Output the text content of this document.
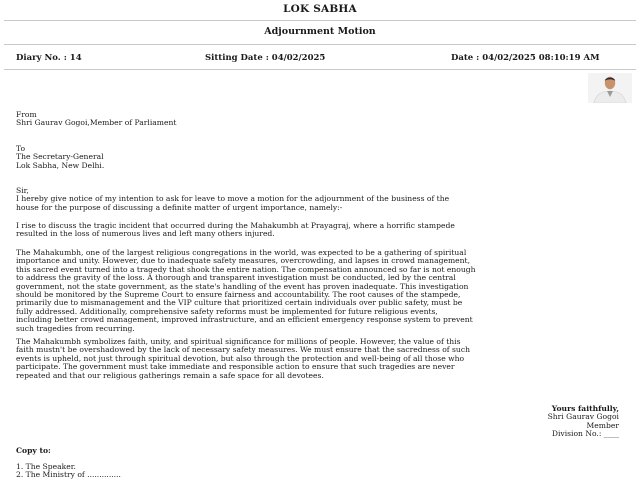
LOK SABHA
Adjournment Motion
Diary No. : 14	Sitting Date : 04/02/2025	Date : 04/02/2025 08:10:19 AM
From
Shri Gaurav Gogoi,Member of Parliament
To
The Secretary-General
Lok Sabha, New Delhi.
Sir,
I hereby give notice of my intention to ask for leave to move a motion for the adjournment of the business of the
house for the purpose of discussing a definite matter of urgent importance, namely:-
I rise to discuss the tragic incident that occurred during the Mahakumbh at Prayagraj, where a horrific stampede
resulted in the loss of numerous lives and left many others injured.
The Mahakumbh, one of the largest religious congregations in the world, was expected to be a gathering of spiritual
importance and unity. However, due to inadequate safety measures, overcrowding, and lapses in crowd management,
this sacred event turned into a tragedy that shook the entire nation. The compensation announced so far is not enough
to address the gravity of the loss. A thorough and transparent investigation must be conducted, led by the central
government, not the state government, as the state's handling of the event has proven inadequate. This investigation
should be monitored by the Supreme Court to ensure fairness and accountability. The root causes of the stampede,
primarily due to mismanagement and the VIP culture that prioritized certain individuals over public safety, must be
fully addressed. Additionally, comprehensive safety reforms must be implemented for future religious events,
including better crowd management, improved infrastructure, and an efficient emergency response system to prevent
such tragedies from recurring.
The Mahakumbh symbolizes faith, unity, and spiritual significance for millions of people. However, the value of this
faith mustn't be overshadowed by the lack of necessary safety measures. We must ensure that the sacredness of such
events is upheld, not just through spiritual devotion, but also through the protection and well-being of all those who
participate. The government must take immediate and responsible action to ensure that such tragedies are never
repeated and that our religious gatherings remain a safe space for all devotees.
Yours faithfully,
Shri Gaurav Gogoi
Member
Division No.: ____
Copy to:
1. The Speaker.
2. The Ministry of ..............
